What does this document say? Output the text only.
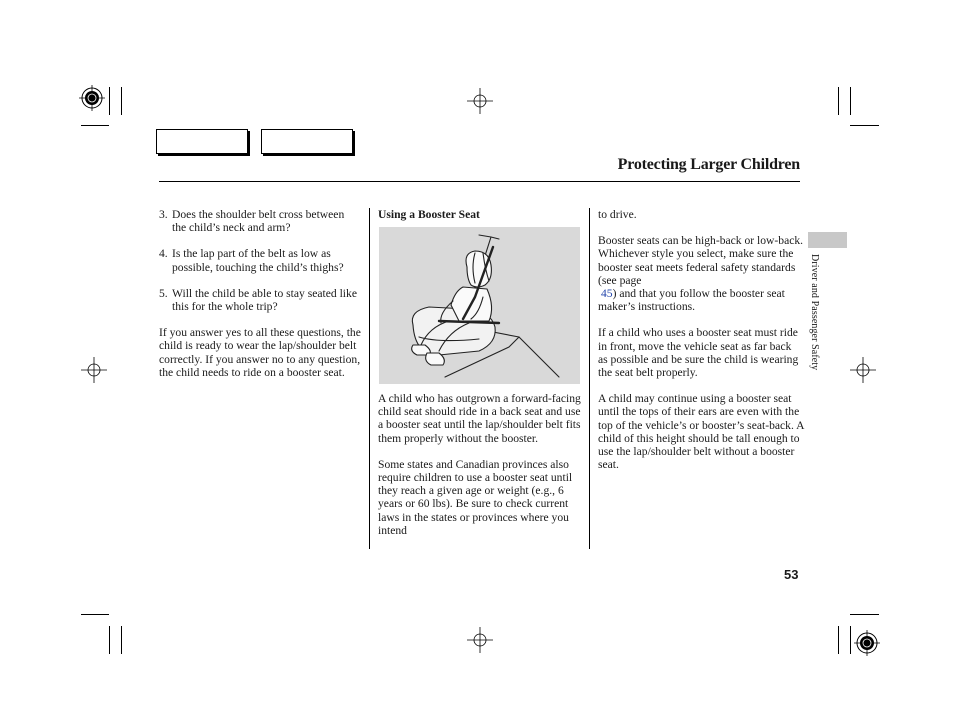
Protecting Larger Children
3. Does the shoulder belt cross between the child’s neck and arm?
4. Is the lap part of the belt as low as possible, touching the child’s thighs?
5. Will the child be able to stay seated like this for the whole trip?

If you answer yes to all these questions, the child is ready to wear the lap/shoulder belt correctly. If you answer no to any question, the child needs to ride on a booster seat.

Using a Booster Seat

A child who has outgrown a forward-facing child seat should ride in a back seat and use a booster seat until the lap/shoulder belt fits them properly without the booster.

Some states and Canadian provinces also require children to use a booster seat until they reach a given age or weight (e.g., 6 years or 60 lbs). Be sure to check current laws in the states or provinces where you intend

to drive.

Booster seats can be high-back or low-back. Whichever style you select, make sure the booster seat meets federal safety standards (see page
45) and that you follow the booster seat maker’s instructions.

If a child who uses a booster seat must ride in front, move the vehicle seat as far back as possible and be sure the child is wearing the seat belt properly.

A child may continue using a booster seat until the tops of their ears are even with the top of the vehicle’s or booster’s seat-back. A child of this height should be tall enough to use the lap/shoulder belt without a booster seat.

Driver and Passenger Safety
53
